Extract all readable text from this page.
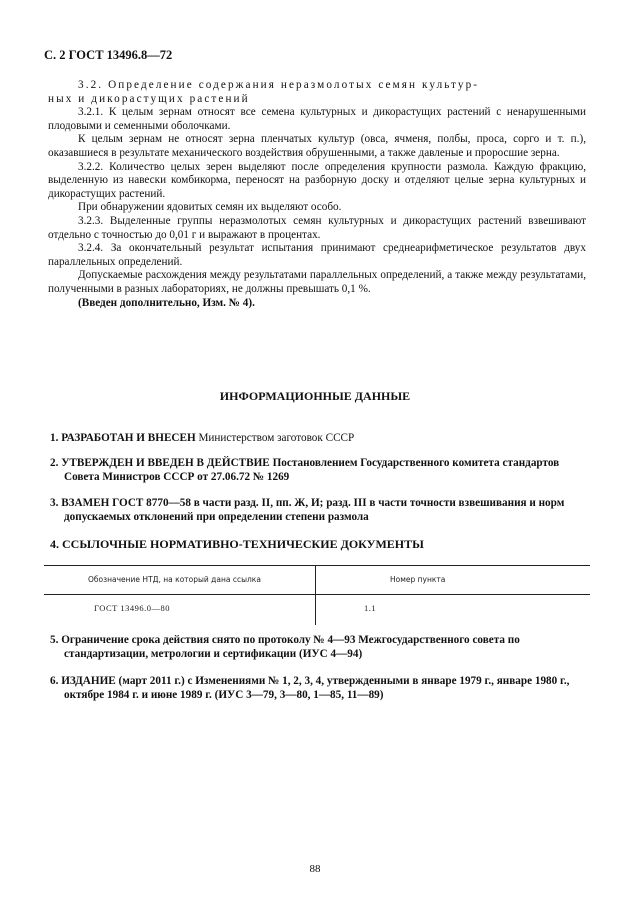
С. 2 ГОСТ 13496.8—72

3.2. Определение содержания неразмолотых семян культур-

ных и дикорастущих растений

3.2.1. К целым зернам относят все семена культурных и дикорастущих растений с ненарушенными плодовыми и семенными оболочками.

К целым зернам не относят зерна пленчатых культур (овса, ячменя, полбы, проса, сорго и т. п.), оказавшиеся в результате механического воздействия обрушенными, а также давленые и проросшие зерна.

3.2.2. Количество целых зерен выделяют после определения крупности размола. Каждую фракцию, выделенную из навески комбикорма, переносят на разборную доску и отделяют целые зерна культурных и дикорастущих растений.

При обнаружении ядовитых семян их выделяют особо.

3.2.3. Выделенные группы неразмолотых семян культурных и дикорастущих растений взвешивают отдельно с точностью до 0,01 г и выражают в процентах.

3.2.4. За окончательный результат испытания принимают среднеарифметическое результатов двух параллельных определений.

Допускаемые расхождения между результатами параллельных определений, а также между результатами, полученными в разных лабораториях, не должны превышать 0,1 %.

(Введен дополнительно, Изм. № 4).

ИНФОРМАЦИОННЫЕ ДАННЫЕ
1. РАЗРАБОТАН И ВНЕСЕН Министерством заготовок СССР
2. УТВЕРЖДЕН И ВВЕДЕН В ДЕЙСТВИЕ Постановлением Государственного комитета стандартов Совета Министров СССР от 27.06.72 № 1269
3. ВЗАМЕН ГОСТ 8770—58 в части разд. II, пп. Ж, И; разд. III в части точности взвешивания и норм допускаемых отклонений при определении степени размола
4. ССЫЛОЧНЫЕ НОРМАТИВНО-ТЕХНИЧЕСКИЕ ДОКУМЕНТЫ
5. Ограничение срока действия снято по протоколу № 4—93 Межгосударственного совета по стандартизации, метрологии и сертификации (ИУС 4—94)
6. ИЗДАНИЕ (март 2011 г.) с Изменениями № 1, 2, 3, 4, утвержденными в январе 1979 г., январе 1980 г., октябре 1984 г. и июне 1989 г. (ИУС 3—79, 3—80, 1—85, 11—89)
Обозначение НТД, на который дана ссылка	Номер пункта
ГОСТ 13496.0—80	1.1
88
